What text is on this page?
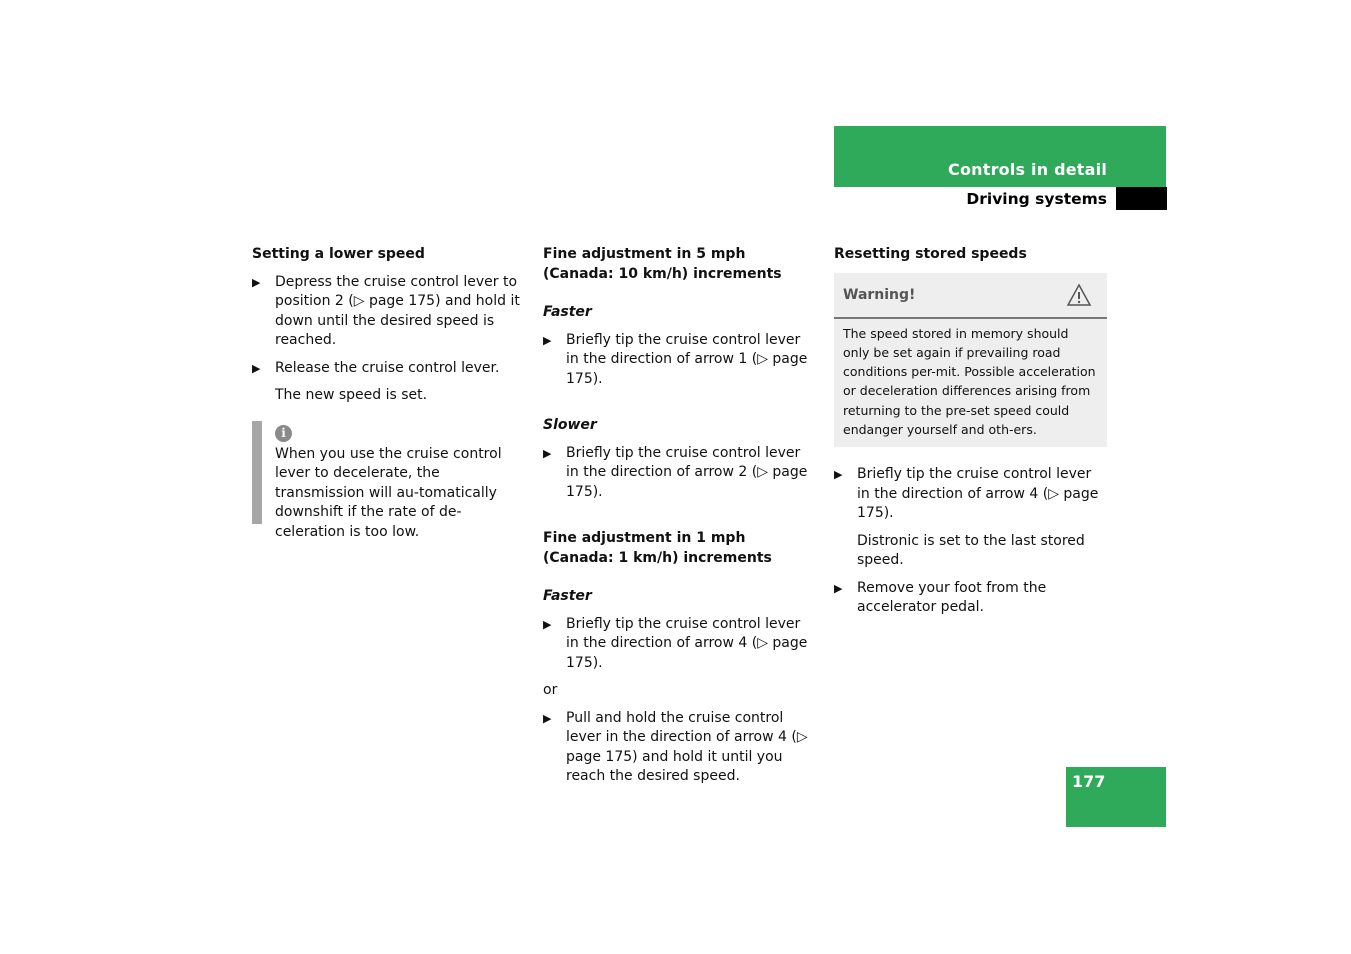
Controls in detail
Driving systems

Setting a lower speed

▶ Depress the cruise control lever to position 2 (▷ page 175) and hold it down until the desired speed is reached.
▶ Release the cruise control lever.

The new speed is set.

i
When you use the cruise control lever to decelerate, the transmission will au-tomatically downshift if the rate of de-celeration is too low.

Fine adjustment in 5 mph
(Canada: 10 km/h) increments

Faster

▶ Briefly tip the cruise control lever in the direction of arrow 1 (▷ page 175).

Slower

▶ Briefly tip the cruise control lever in the direction of arrow 2 (▷ page 175).

Fine adjustment in 1 mph
(Canada: 1 km/h) increments

Faster

▶ Briefly tip the cruise control lever in the direction of arrow 4 (▷ page 175).

or

▶ Pull and hold the cruise control lever in the direction of arrow 4 (▷ page 175) and hold it until you reach the desired speed.

Resetting stored speeds

Warning!

The speed stored in memory should only be set again if prevailing road conditions per-mit. Possible acceleration or deceleration differences arising from returning to the pre-set speed could endanger yourself and oth-ers.

▶ Briefly tip the cruise control lever in the direction of arrow 4 (▷ page 175).

Distronic is set to the last stored speed.

▶ Remove your foot from the accelerator pedal.
177
